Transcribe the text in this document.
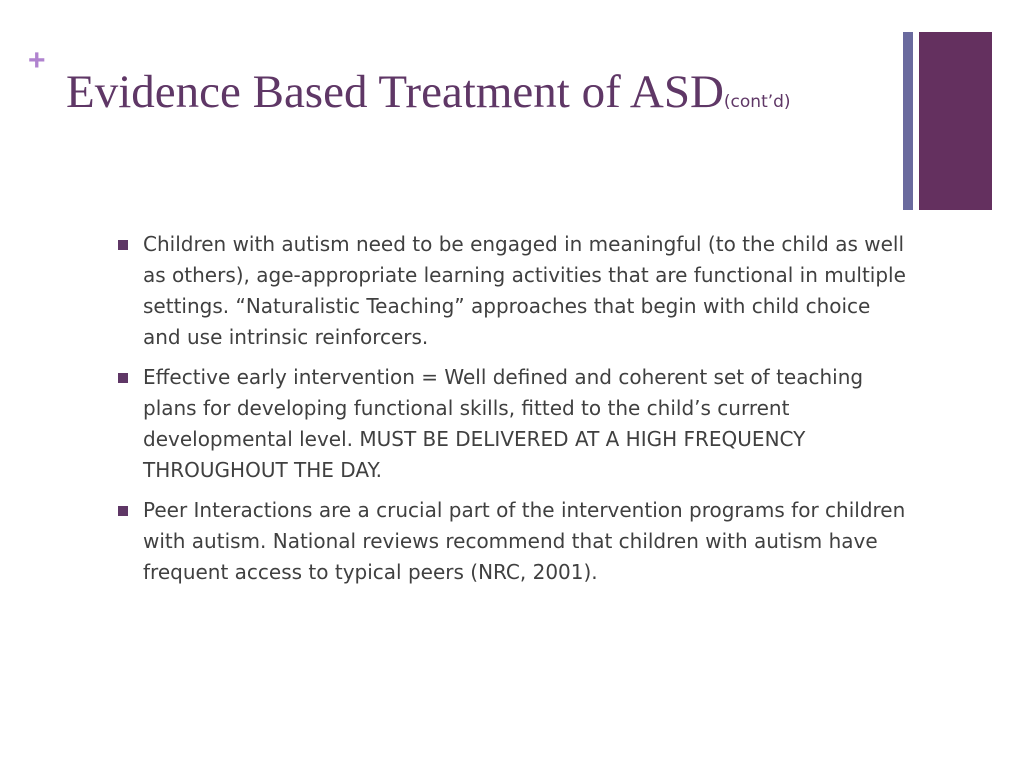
+
Evidence Based Treatment of ASD(cont’d)
Children with autism need to be engaged in meaningful (to the child as well as others), age-appropriate learning activities that are functional in multiple settings. “Naturalistic Teaching” approaches that begin with child choice and use intrinsic reinforcers.
Effective early intervention = Well defined and coherent set of teaching plans for developing functional skills, fitted to the child’s current developmental level. MUST BE DELIVERED AT A HIGH FREQUENCY THROUGHOUT THE DAY.
Peer Interactions are a crucial part of the intervention programs for children with autism. National reviews recommend that children with autism have frequent access to typical peers (NRC, 2001).
